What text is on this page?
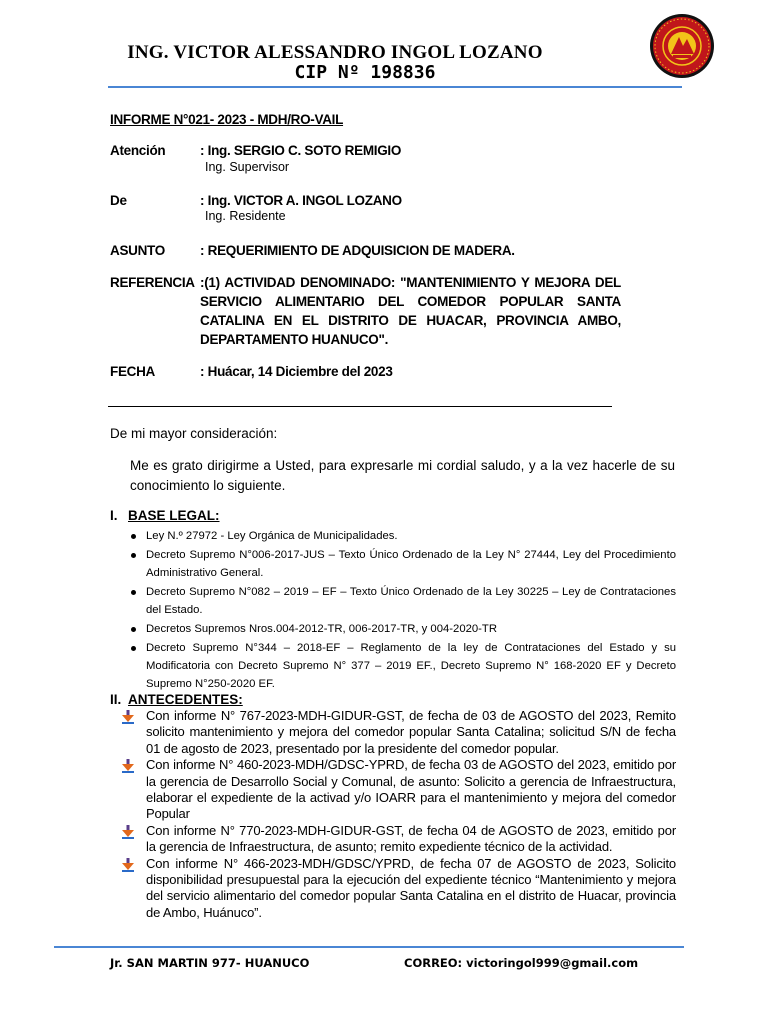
ING. VICTOR ALESSANDRO INGOL LOZANO
CIP Nº 198836
INFORME N°021- 2023 - MDH/RO-VAIL
Atención	: Ing. SERGIO C. SOTO REMIGIO
Ing. Supervisor
De	: Ing. VICTOR A. INGOL LOZANO
Ing. Residente
ASUNTO	: REQUERIMIENTO DE ADQUISICION DE MADERA.
REFERENCIA :(1) ACTIVIDAD DENOMINADO: "MANTENIMIENTO Y MEJORA DEL SERVICIO ALIMENTARIO DEL COMEDOR POPULAR SANTA CATALINA EN EL DISTRITO DE HUACAR, PROVINCIA AMBO, DEPARTAMENTO HUANUCO".
FECHA	: Huácar, 14 Diciembre del 2023
De mi mayor consideración:
Me es grato dirigirme a Usted, para expresarle mi cordial saludo, y a la vez hacerle de su conocimiento lo siguiente.
I. BASE LEGAL:
Ley N.º 27972 - Ley Orgánica de Municipalidades.
Decreto Supremo N°006-2017-JUS – Texto Único Ordenado de la Ley N° 27444, Ley del Procedimiento Administrativo General.
Decreto Supremo N°082 – 2019 – EF – Texto Único Ordenado de la Ley 30225 – Ley de Contrataciones del Estado.
Decretos Supremos Nros.004-2012-TR, 006-2017-TR, y 004-2020-TR
Decreto Supremo N°344 – 2018-EF – Reglamento de la ley de Contrataciones del Estado y su Modificatoria con Decreto Supremo N° 377 – 2019 EF., Decreto Supremo N° 168-2020 EF y Decreto Supremo N°250-2020 EF.
II. ANTECEDENTES:
Con informe N° 767-2023-MDH-GIDUR-GST, de fecha de 03 de AGOSTO del 2023, Remito solicito mantenimiento y mejora del comedor popular Santa Catalina; solicitud S/N de fecha 01 de agosto de 2023, presentado por la presidente del comedor popular.
Con informe N° 460-2023-MDH/GDSC-YPRD, de fecha 03 de AGOSTO del 2023, emitido por la gerencia de Desarrollo Social y Comunal, de asunto: Solicito a gerencia de Infraestructura, elaborar el expediente de la activad y/o IOARR para el mantenimiento y mejora del comedor Popular
Con informe N° 770-2023-MDH-GIDUR-GST, de fecha 04 de AGOSTO de 2023, emitido por la gerencia de Infraestructura, de asunto; remito expediente técnico de la actividad.
Con informe N° 466-2023-MDH/GDSC/YPRD, de fecha 07 de AGOSTO de 2023, Solicito disponibilidad presupuestal para la ejecución del expediente técnico “Mantenimiento y mejora del servicio alimentario del comedor popular Santa Catalina en el distrito de Huacar, provincia de Ambo, Huánuco”.
Jr. SAN MARTIN 977- HUANUCO	CORREO: victoringol999@gmail.com
